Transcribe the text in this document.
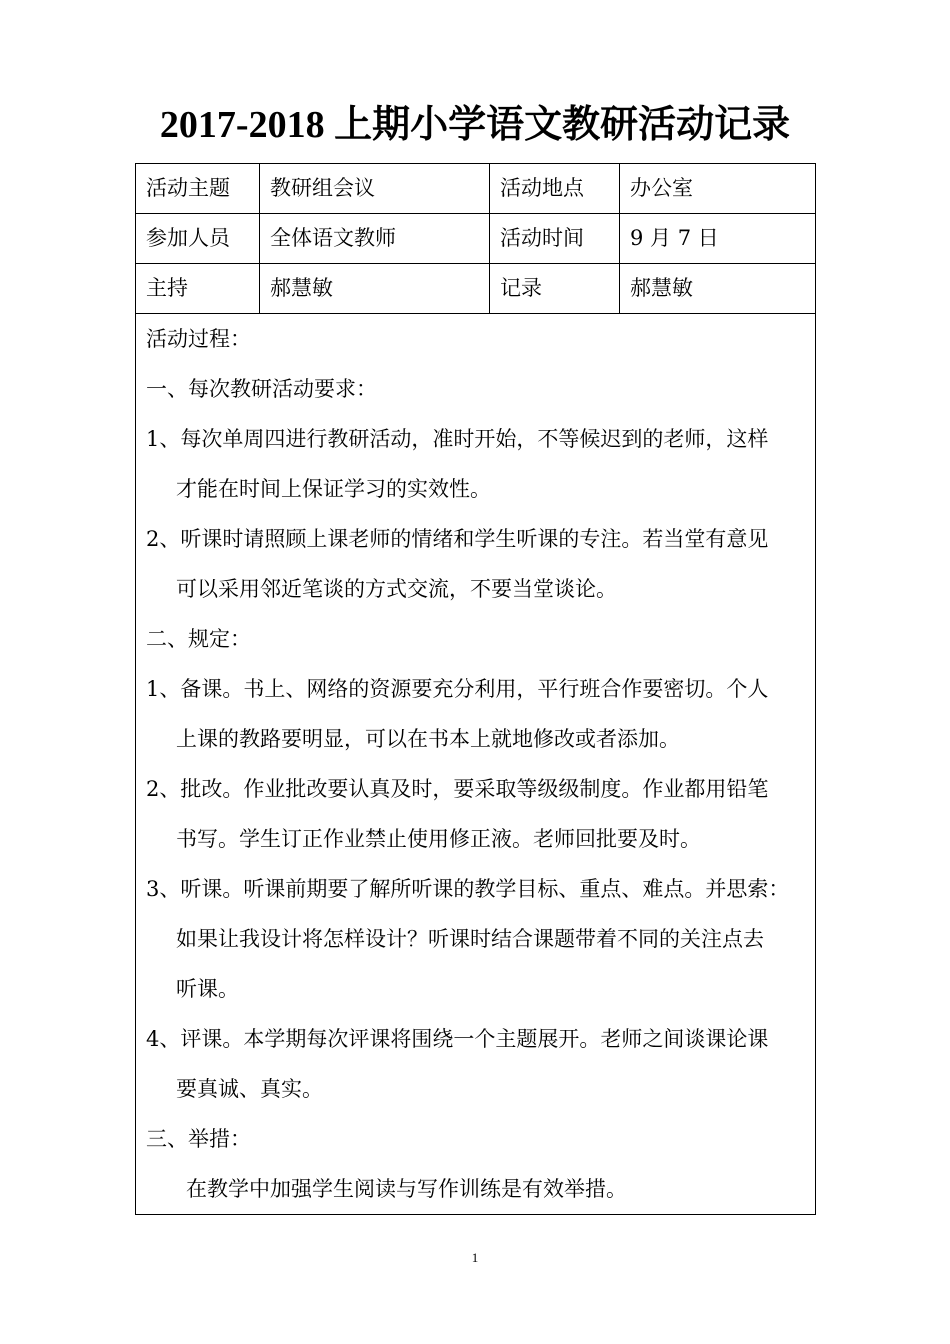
2017-2018 上期小学语文教研活动记录
活动主题	教研组会议	活动地点	办公室
参加人员	全体语文教师	活动时间	9 月 7 日
主持	郝慧敏	记录	郝慧敏
活动过程：
一、每次教研活动要求：
1、每次单周四进行教研活动，准时开始，不等候迟到的老师，这样
才能在时间上保证学习的实效性。
2、听课时请照顾上课老师的情绪和学生听课的专注。若当堂有意见
可以采用邻近笔谈的方式交流，不要当堂谈论。
二、规定：
1、备课。书上、网络的资源要充分利用，平行班合作要密切。个人
上课的教路要明显，可以在书本上就地修改或者添加。
2、批改。作业批改要认真及时，要采取等级级制度。作业都用铅笔
书写。学生订正作业禁止使用修正液。老师回批要及时。
3、听课。听课前期要了解所听课的教学目标、重点、难点。并思索：
如果让我设计将怎样设计？听课时结合课题带着不同的关注点去
听课。
4、评课。本学期每次评课将围绕一个主题展开。老师之间谈课论课
要真诚、真实。
三、举措：
在教学中加强学生阅读与写作训练是有效举措。
1
